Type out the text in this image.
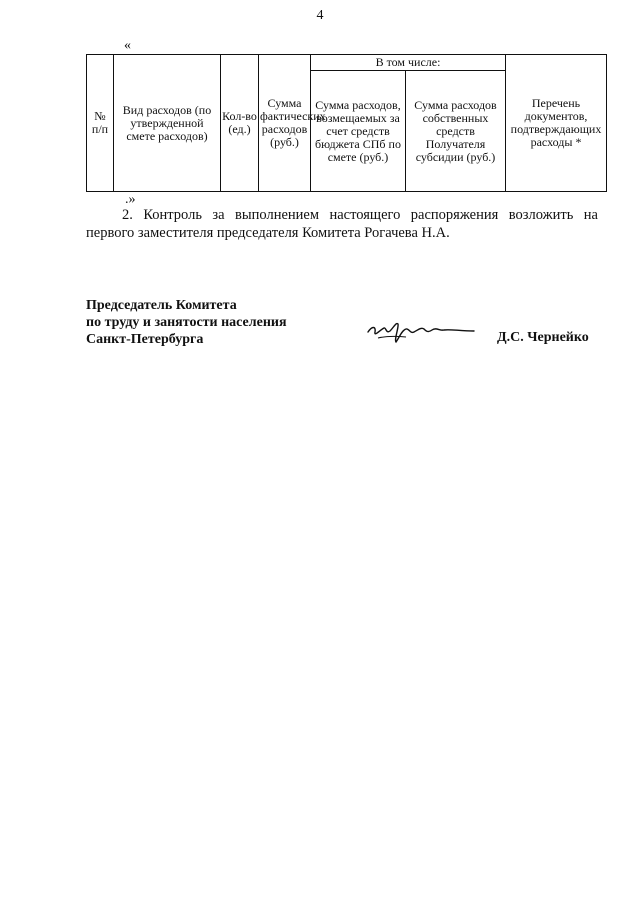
4
«
№ п/п	Вид расходов (по утвержденной смете расходов)	Кол-во (ед.)	Сумма фактических расходов (руб.)	В том числе:		Перечень документов, подтверждающих расходы *
				Сумма расходов, возмещаемых за счет средств бюджета СПб по смете (руб.)	Сумма расходов собственных средств Получателя субсидии (руб.)	
.»
2. Контроль за выполнением настоящего распоряжения возложить на первого заместителя председателя Комитета Рогачева Н.А.
Председатель Комитета
по труду и занятости населения
Санкт-Петербурга	Д.С. Чернейко
